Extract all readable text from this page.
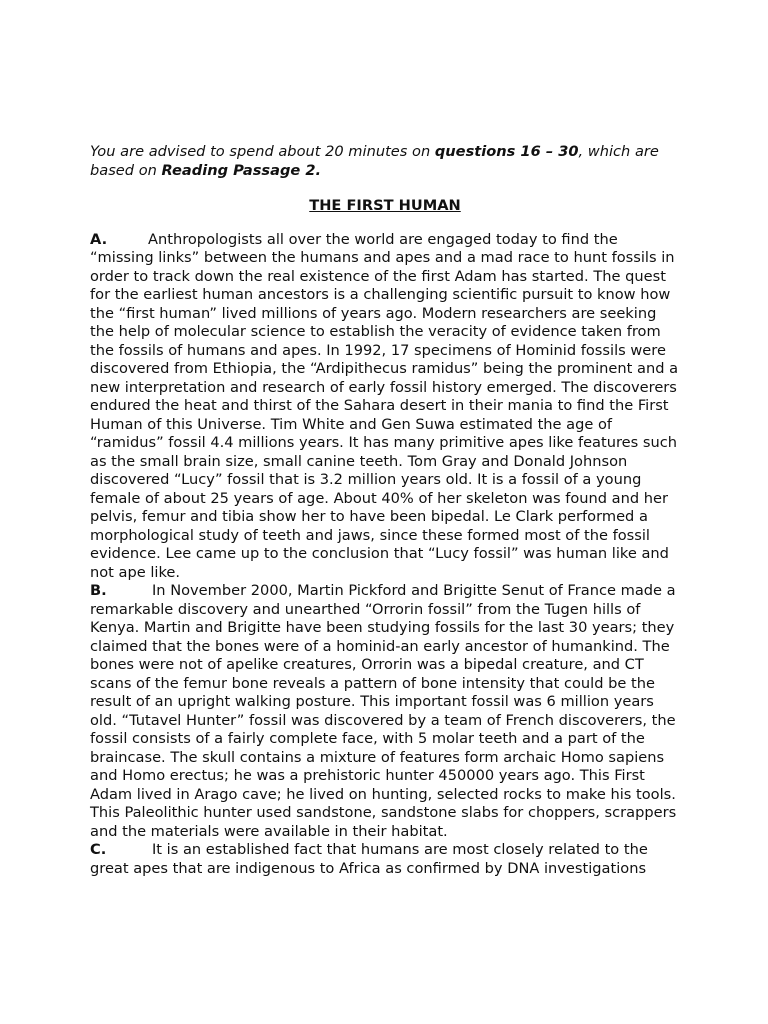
You are advised to spend about 20 minutes on questions 16 – 30, which are based on Reading Passage 2.

THE FIRST HUMAN

A.	Anthropologists all over the world are engaged today to find the “missing links” between the humans and apes and a mad race to hunt fossils in order to track down the real existence of the first Adam has started. The quest for the earliest human ancestors is a challenging scientific pursuit to know how the “first human” lived millions of years ago. Modern researchers are seeking the help of molecular science to establish the veracity of evidence taken from the fossils of humans and apes. In 1992, 17 specimens of Hominid fossils were discovered from Ethiopia, the “Ardipithecus ramidus” being the prominent and a new interpretation and research of early fossil history emerged. The discoverers endured the heat and thirst of the Sahara desert in their mania to find the First Human of this Universe. Tim White and Gen Suwa estimated the age of “ramidus” fossil 4.4 millions years. It has many primitive apes like features such as the small brain size, small canine teeth. Tom Gray and Donald Johnson discovered “Lucy” fossil that is 3.2 million years old. It is a fossil of a young female of about 25 years of age. About 40% of her skeleton was found and her pelvis, femur and tibia show her to have been bipedal. Le Clark performed a morphological study of teeth and jaws, since these formed most of the fossil evidence. Lee came up to the conclusion that “Lucy fossil” was human like and not ape like.

B.	In November 2000, Martin Pickford and Brigitte Senut of France made a remarkable discovery and unearthed “Orrorin fossil” from the Tugen hills of Kenya. Martin and Brigitte have been studying fossils for the last 30 years; they claimed that the bones were of a hominid-an early ancestor of humankind. The bones were not of apelike creatures, Orrorin was a bipedal creature, and CT scans of the femur bone reveals a pattern of bone intensity that could be the result of an upright walking posture. This important fossil was 6 million years old. “Tutavel Hunter” fossil was discovered by a team of French discoverers, the fossil consists of a fairly complete face, with 5 molar teeth and a part of the braincase. The skull contains a mixture of features form archaic Homo sapiens and Homo erectus; he was a prehistoric hunter 450000 years ago. This First Adam lived in Arago cave; he lived on hunting, selected rocks to make his tools. This Paleolithic hunter used sandstone, sandstone slabs for choppers, scrappers and the materials were available in their habitat.

C.	It is an established fact that humans are most closely related to the great apes that are indigenous to Africa as confirmed by DNA investigations
